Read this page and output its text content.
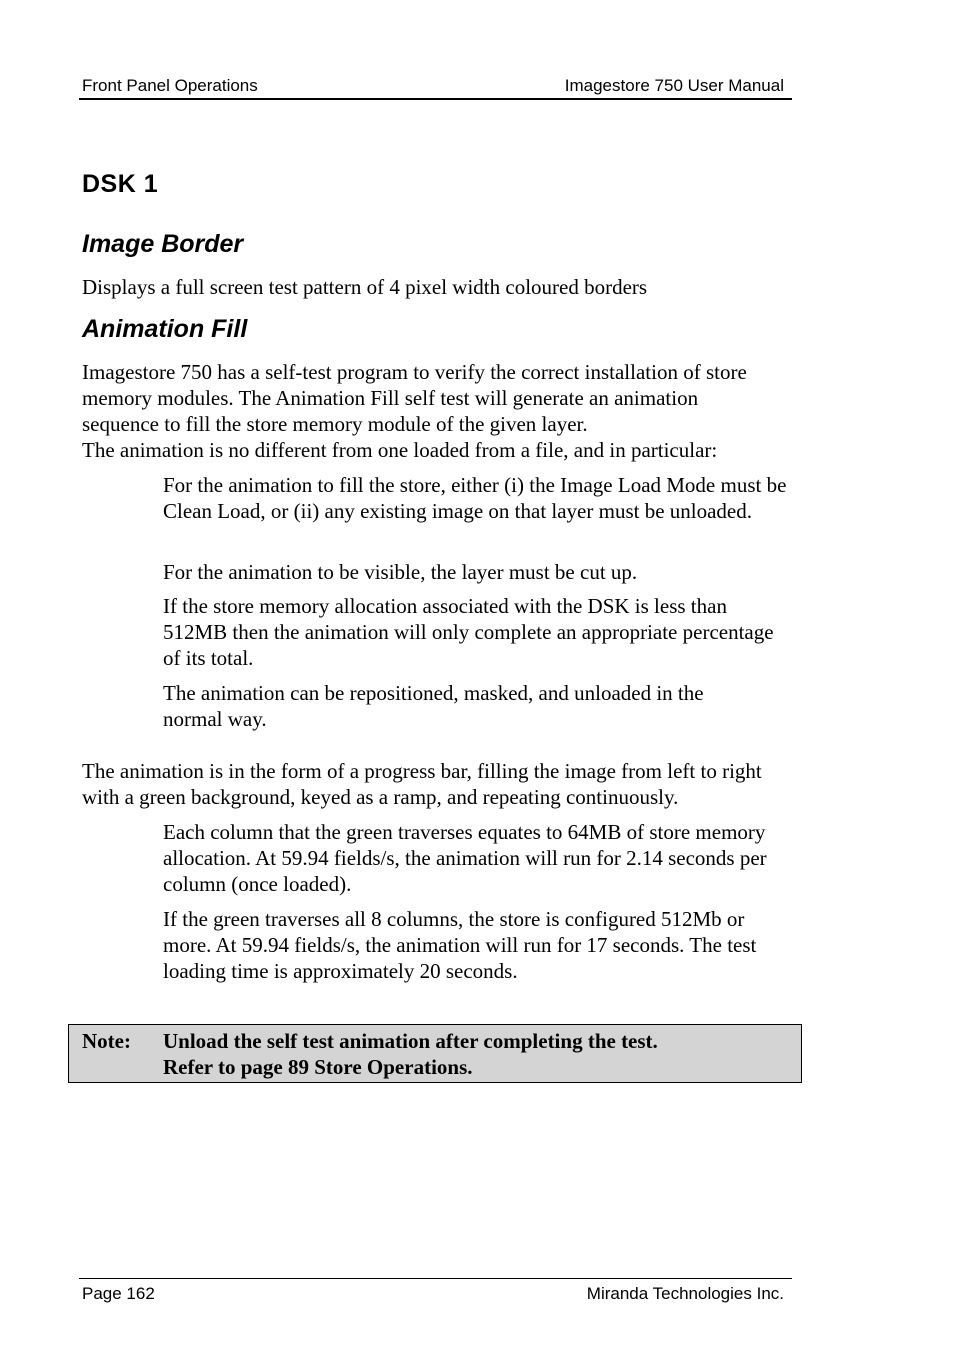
Front Panel Operations	Imagestore 750 User Manual
DSK 1
Image Border

Displays a full screen test pattern of 4 pixel width coloured borders

Animation Fill

Imagestore 750 has a self-test program to verify the correct installation of store memory modules. The Animation Fill self test will generate an animation sequence to fill the store memory module of the given layer.

The animation is no different from one loaded from a file, and in particular:

For the animation to fill the store, either (i) the Image Load Mode must be Clean Load, or (ii) any existing image on that layer must be unloaded.

For the animation to be visible, the layer must be cut up.

If the store memory allocation associated with the DSK is less than 512MB then the animation will only complete an appropriate percentage of its total.

The animation can be repositioned, masked, and unloaded in the normal way.

The animation is in the form of a progress bar, filling the image from left to right with a green background, keyed as a ramp, and repeating continuously.

Each column that the green traverses equates to 64MB of store memory allocation. At 59.94 fields/s, the animation will run for 2.14 seconds per column (once loaded).

If the green traverses all 8 columns, the store is configured 512Mb or more. At 59.94 fields/s, the animation will run for 17 seconds. The test loading time is approximately 20 seconds.

Note: Unload the self test animation after completing the test.
Refer to page 89 Store Operations.
Page 162	Miranda Technologies Inc.
